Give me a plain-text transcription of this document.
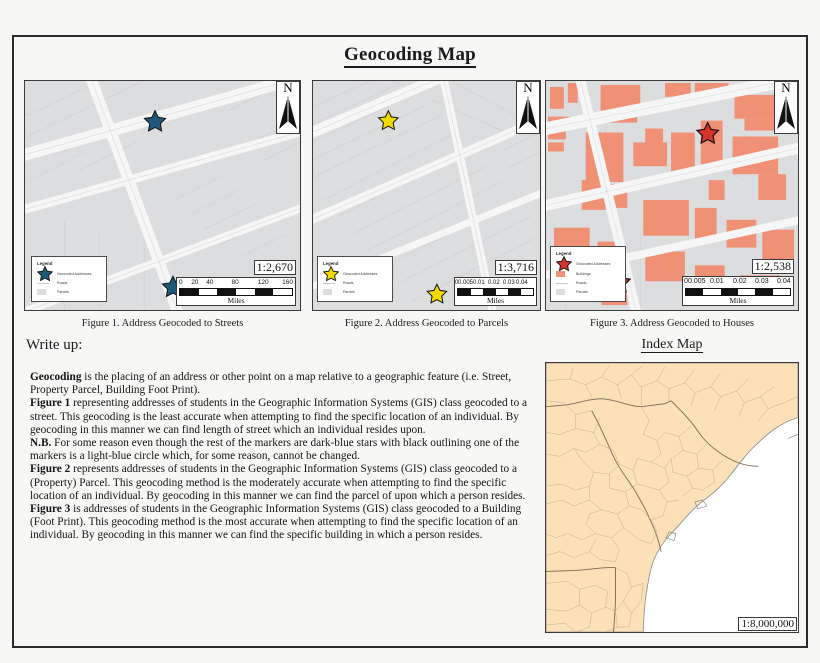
Geocoding Map
N
Legend
Geocoded Addresses
Roads
Parcels
1:2,670
0	20	40	80	120	160
Miles
N
Legend
Geocoded Addresses
Roads
Parcels
1:3,716
0 0.005 0.01 0.02 0.03 0.04
Miles
N
Legend
Geocoded Addresses
Buildings
Roads
Parcels
1:2,538
0 0.005 0.01 0.02 0.03 0.04
Miles
Figure 1. Address Geocoded to Streets	Figure 2. Address Geocoded to Parcels	Figure 3. Address Geocoded to Houses
Write up:

Geocoding is the placing of an address or other point on a map relative to a geographic feature (i.e. Street, Property Parcel, Building Foot Print).

Figure 1 representing addresses of students in the Geographic Information Systems (GIS) class geocoded to a street. This geocoding is the least accurate when attempting to find the specific location of an individual. By geocoding in this manner we can find length of street which an individual resides upon.

N.B. For some reason even though the rest of the markers are dark-blue stars with black outlining one of the markers is a light-blue circle which, for some reason, cannot be changed.

Figure 2 represents addresses of students in the Geographic Information Systems (GIS) class geocoded to a (Property) Parcel. This geocoding method is the moderately accurate when attempting to find the specific location of an individual. By geocoding in this manner we can find the parcel of upon which a person resides.

Figure 3 is addresses of students in the Geographic Information Systems (GIS) class geocoded to a Building (Foot Print). This geocoding method is the most accurate when attempting to find the specific location of an individual. By geocoding in this manner we can find the specific building in which a person resides.

Index Map
1:8,000,000
